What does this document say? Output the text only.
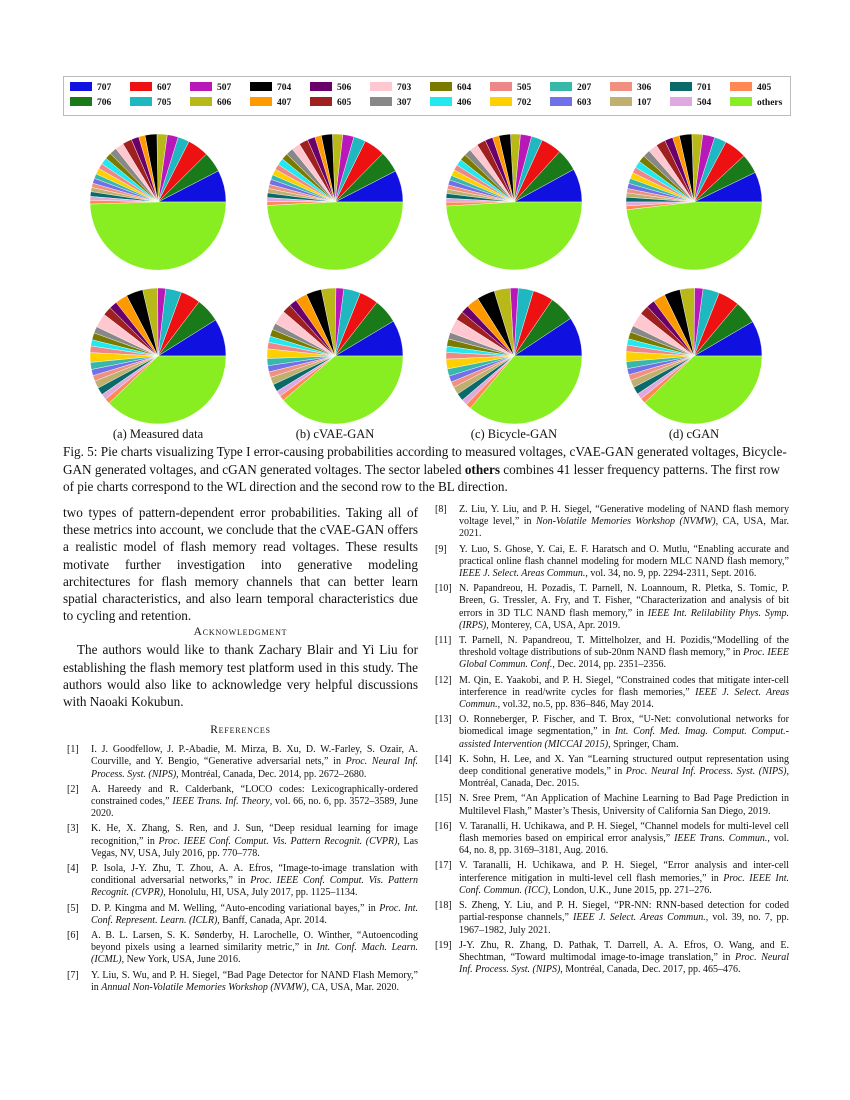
707
706
607
705
507
606
704
407
506
605
703
307
604
406
505
702
207
603
306
107
701
504
405
others
(a) Measured data	(b) cVAE-GAN	(c) Bicycle-GAN	(d) cGAN
Fig. 5: Pie charts visualizing Type I error-causing probabilities according to measured voltages, cVAE-GAN generated voltages, Bicycle-GAN generated voltages, and cGAN generated voltages. The sector labeled others combines 41 lesser frequency patterns. The first row of pie charts correspond to the WL direction and the second row to the BL direction.

two types of pattern-dependent error probabilities. Taking all of these metrics into account, we conclude that the cVAE-GAN offers a realistic model of flash memory read voltages. These results motivate further investigation into generative modeling architectures for flash memory channels that can better learn spatial characteristics, and also learn temporal characteristics due to cycling and retention.

Acknowledgment

The authors would like to thank Zachary Blair and Yi Liu for establishing the flash memory test platform used in this study. The authors would also like to acknowledge very helpful discussions with Naoaki Kokubun.

References
[1] I. J. Goodfellow, J. P.-Abadie, M. Mirza, B. Xu, D. W.-Farley, S. Ozair, A. Courville, and Y. Bengio, “Generative adversarial nets,” in Proc. Neural Inf. Process. Syst. (NIPS), Montréal, Canada, Dec. 2014, pp. 2672–2680.
[2] A. Hareedy and R. Calderbank, “LOCO codes: Lexicographically-ordered constrained codes,” IEEE Trans. Inf. Theory, vol. 66, no. 6, pp. 3572–3589, June 2020.
[3] K. He, X. Zhang, S. Ren, and J. Sun, “Deep residual learning for image recognition,” in Proc. IEEE Conf. Comput. Vis. Pattern Recognit. (CVPR), Las Vegas, NV, USA, July 2016, pp. 770–778.
[4] P. Isola, J-Y. Zhu, T. Zhou, A. A. Efros, “Image-to-image translation with conditional adversarial networks,” in Proc. IEEE Conf. Comput. Vis. Pattern Recognit. (CVPR), Honolulu, HI, USA, July 2017, pp. 1125–1134.
[5] D. P. Kingma and M. Welling, “Auto-encoding variational bayes,” in Proc. Int. Conf. Represent. Learn. (ICLR), Banff, Canada, Apr. 2014.
[6] A. B. L. Larsen, S. K. Sønderby, H. Larochelle, O. Winther, “Autoencoding beyond pixels using a learned similarity metric,” in Int. Conf. Mach. Learn. (ICML), New York, USA, June 2016.
[7] Y. Liu, S. Wu, and P. H. Siegel, “Bad Page Detector for NAND Flash Memory,” in Annual Non-Volatile Memories Workshop (NVMW), CA, USA, Mar. 2020.
[8] Z. Liu, Y. Liu, and P. H. Siegel, “Generative modeling of NAND flash memory voltage level,” in Non-Volatile Memories Workshop (NVMW), CA, USA, Mar. 2021.
[9] Y. Luo, S. Ghose, Y. Cai, E. F. Haratsch and O. Mutlu, “Enabling accurate and practical online flash channel modeling for modern MLC NAND flash memory,” IEEE J. Select. Areas Commun., vol. 34, no. 9, pp. 2294-2311, Sept. 2016.
[10] N. Papandreou, H. Pozadis, T. Parnell, N. Loannoum, R. Pletka, S. Tomic, P. Breen, G. Tressler, A. Fry, and T. Fisher, “Characterization and analysis of bit errors in 3D TLC NAND flash memory,” in IEEE Int. Relilability Phys. Symp. (IRPS), Monterey, CA, USA, Apr. 2019.
[11] T. Parnell, N. Papandreou, T. Mittelholzer, and H. Pozidis,“Modelling of the threshold voltage distributions of sub-20nm NAND flash memory,” in Proc. IEEE Global Commun. Conf., Dec. 2014, pp. 2351–2356.
[12] M. Qin, E. Yaakobi, and P. H. Siegel, “Constrained codes that mitigate inter-cell interference in read/write cycles for flash memories,” IEEE J. Select. Areas Commun., vol.32, no.5, pp. 836–846, May 2014.
[13] O. Ronneberger, P. Fischer, and T. Brox, “U-Net: convolutional networks for biomedical image segmentation,” in Int. Conf. Med. Imag. Comput. Comput.-assisted Intervention (MICCAI 2015), Springer, Cham.
[14] K. Sohn, H. Lee, and X. Yan “Learning structured output representation using deep conditional generative models,” in Proc. Neural Inf. Process. Syst. (NIPS), Montréal, Canada, Dec. 2015.
[15] N. Sree Prem, “An Application of Machine Learning to Bad Page Prediction in Multilevel Flash,” Master’s Thesis, University of California San Diego, 2019.
[16] V. Taranalli, H. Uchikawa, and P. H. Siegel, “Channel models for multi-level cell flash memories based on empirical error analysis,” IEEE Trans. Commun., vol. 64, no. 8, pp. 3169–3181, Aug. 2016.
[17] V. Taranalli, H. Uchikawa, and P. H. Siegel, “Error analysis and inter-cell interference mitigation in multi-level cell flash memories,” in Proc. IEEE Int. Conf. Commun. (ICC), London, U.K., June 2015, pp. 271–276.
[18] S. Zheng, Y. Liu, and P. H. Siegel, “PR-NN: RNN-based detection for coded partial-response channels,” IEEE J. Select. Areas Commun., vol. 39, no. 7, pp. 1967–1982, July 2021.
[19] J-Y. Zhu, R. Zhang, D. Pathak, T. Darrell, A. A. Efros, O. Wang, and E. Shechtman, “Toward multimodal image-to-image translation,” in Proc. Neural Inf. Process. Syst. (NIPS), Montréal, Canada, Dec. 2017, pp. 465–476.
